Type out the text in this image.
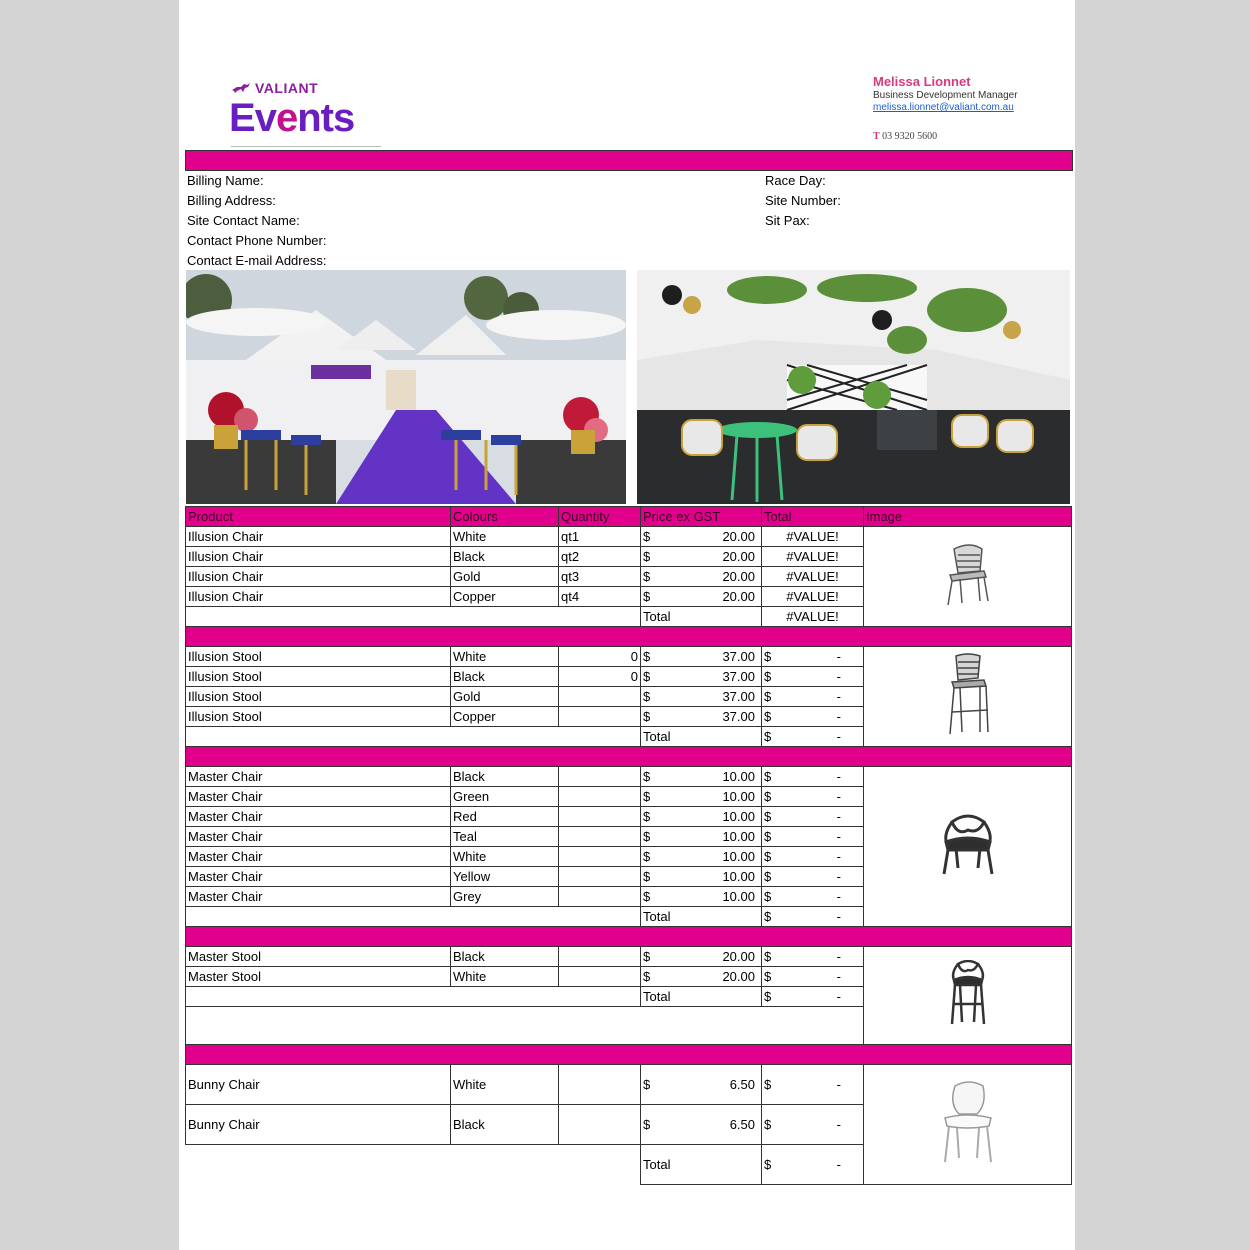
VALIANT
Events
Melissa Lionnet
Business Development Manager
melissa.lionnet@valiant.com.au
T 03 9320 5600
Billing Name:
Billing Address:
Site Contact Name:
Contact Phone Number:
Contact E-mail Address:
Race Day:
Site Number:
Sit Pax:
Product	Colours	Quantity	Price ex GST	Total	Image
Illusion Chair	White	qt1	$ 20.00	#VALUE!	
Illusion Chair	Black	qt2	$ 20.00	#VALUE!	
Illusion Chair	Gold	qt3	$ 20.00	#VALUE!	
Illusion Chair	Copper	qt4	$ 20.00	#VALUE!	
			Total	#VALUE!	

Illusion Stool	White	0	$ 37.00	$ -

Illusion Stool	Black	0	$ 37.00	$ -	

Illusion Stool	Gold		$ 37.00	$ -	

Illusion Stool	Copper		$ 37.00	$ -	

			Total	$ -	

Master Chair	Black		$ 10.00	$ -

Master Chair	Green		$ 10.00	$ -	

Master Chair	Red		$ 10.00	$ -	

Master Chair	Teal		$ 10.00	$ -	

Master Chair	White		$ 10.00	$ -	

Master Chair	Yellow		$ 10.00	$ -	

Master Chair	Grey		$ 10.00	$ -	

			Total	$ -	

Master Stool	Black		$ 20.00	$ -

Master Stool	White		$ 20.00	$ -	

			Total	$ -	

Bunny Chair	White		$ 6.50	$ -

Bunny Chair	Black		$ 6.50	$ -	

			Total	$ -	
